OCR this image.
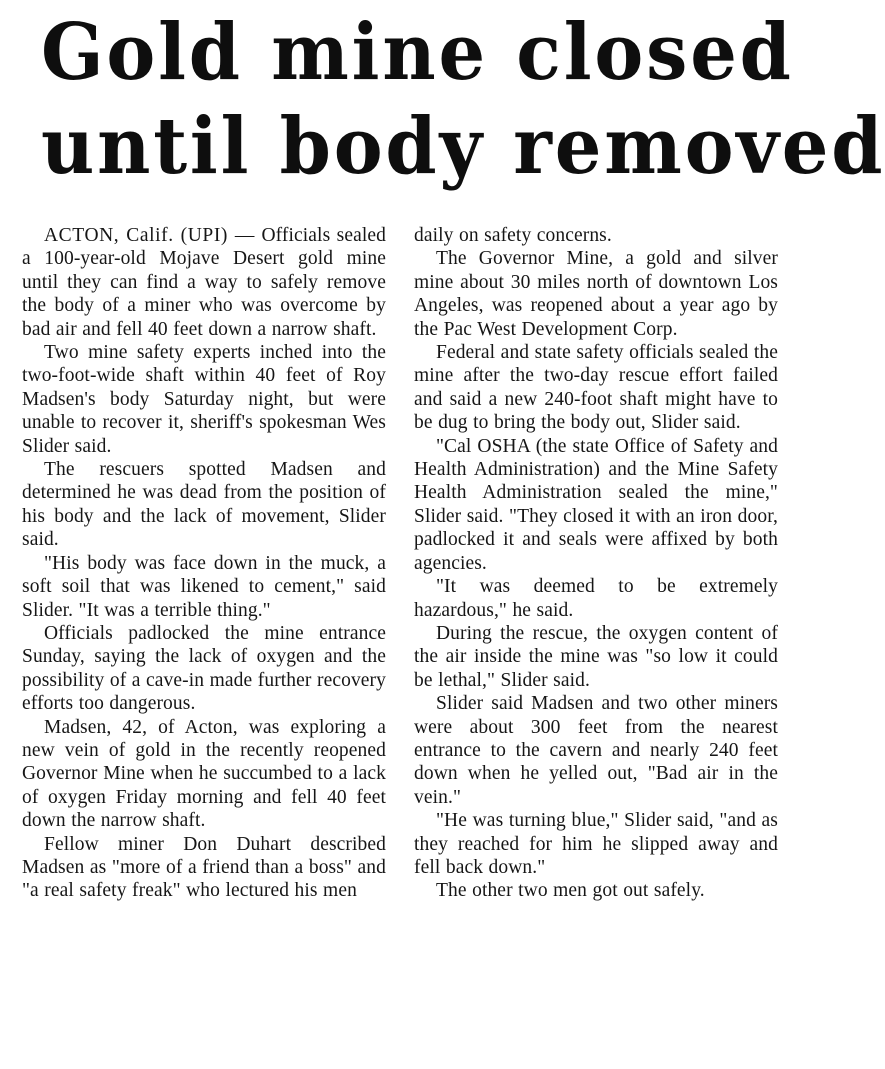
Gold mine closed
until body removed

ACTON, Calif. (UPI) — Officials sealed a 100-year-old Mojave Desert gold mine until they can find a way to safely remove the body of a miner who was overcome by bad air and fell 40 feet down a narrow shaft.

Two mine safety experts inched into the two-foot-wide shaft within 40 feet of Roy Madsen's body Saturday night, but were unable to recover it, sheriff's spokesman Wes Slider said.

The rescuers spotted Madsen and determined he was dead from the position of his body and the lack of movement, Slider said.

"His body was face down in the muck, a soft soil that was likened to cement," said Slider. "It was a terrible thing."

Officials padlocked the mine entrance Sunday, saying the lack of oxygen and the possibility of a cave-in made further recovery efforts too dangerous.

Madsen, 42, of Acton, was exploring a new vein of gold in the recently reopened Governor Mine when he succumbed to a lack of oxygen Friday morning and fell 40 feet down the narrow shaft.

Fellow miner Don Duhart described Madsen as "more of a friend than a boss" and "a real safety freak" who lectured his men

daily on safety concerns.

The Governor Mine, a gold and silver mine about 30 miles north of downtown Los Angeles, was reopened about a year ago by the Pac West Development Corp.

Federal and state safety officials sealed the mine after the two-day rescue effort failed and said a new 240-foot shaft might have to be dug to bring the body out, Slider said.

"Cal OSHA (the state Office of Safety and Health Administration) and the Mine Safety Health Administration sealed the mine," Slider said. "They closed it with an iron door, padlocked it and seals were affixed by both agencies.

"It was deemed to be extremely hazardous," he said.

During the rescue, the oxygen content of the air inside the mine was "so low it could be lethal," Slider said.

Slider said Madsen and two other miners were about 300 feet from the nearest entrance to the cavern and nearly 240 feet down when he yelled out, "Bad air in the vein."

"He was turning blue," Slider said, "and as they reached for him he slipped away and fell back down."

The other two men got out safely.
